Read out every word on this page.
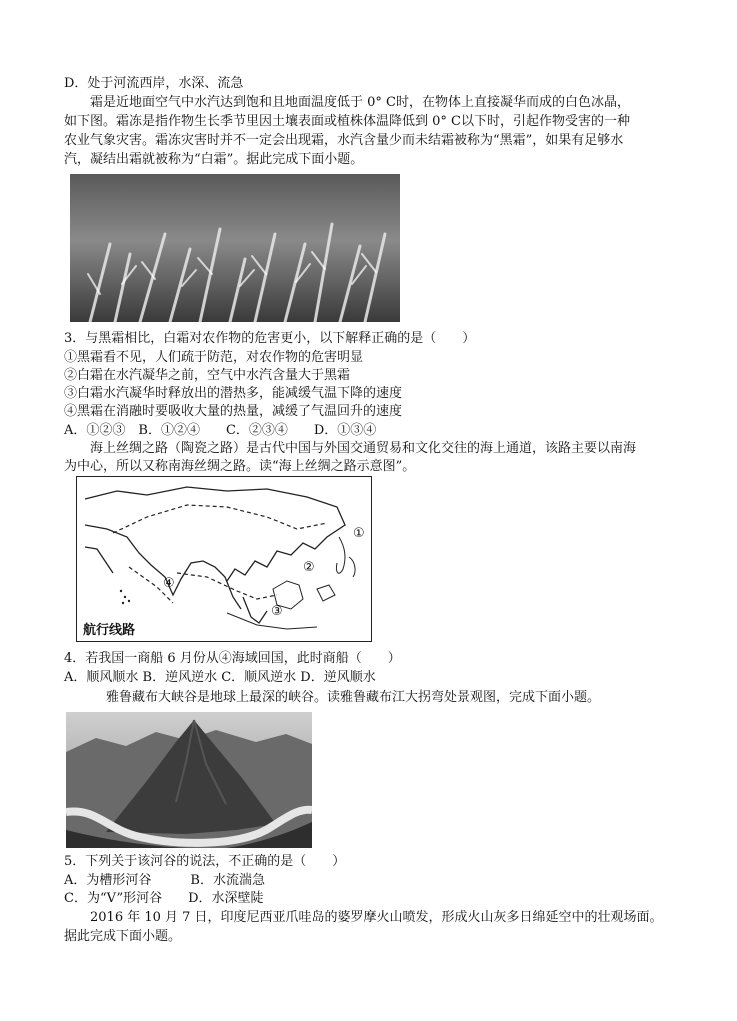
D．处于河流西岸，水深、流急
霜是近地面空气中水汽达到饱和且地面温度低于 0° C时，在物体上直接凝华而成的白色冰晶，
如下图。霜冻是指作物生长季节里因土壤表面或植株体温降低到 0° C以下时，引起作物受害的一种
农业气象灾害。霜冻灾害时并不一定会出现霜，水汽含量少而未结霜被称为“黑霜”，如果有足够水
汽，凝结出霜就被称为“白霜”。据此完成下面小题。
3．与黑霜相比，白霜对农作物的危害更小，以下解释正确的是（　　）
①黑霜看不见，人们疏于防范，对农作物的危害明显
②白霜在水汽凝华之前，空气中水汽含量大于黑霜
③白霜水汽凝华时释放出的潜热多，能减缓气温下降的速度
④黑霜在消融时要吸收大量的热量，减缓了气温回升的速度
A．①②③　B．①②④　　C．②③④　　D．①③④
海上丝绸之路（陶瓷之路）是古代中国与外国交通贸易和文化交往的海上通道，该路主要以南海
为中心，所以又称南海丝绸之路。读“海上丝绸之路示意图”。
①
②
③
④
航行线路
4．若我国一商船 6 月份从④海域回国，此时商船（　　）
A．顺风顺水 B．逆风逆水 C．顺风逆水 D．逆风顺水
雅鲁藏布大峡谷是地球上最深的峡谷。读雅鲁藏布江大拐弯处景观图，完成下面小题。
5．下列关于该河谷的说法，不正确的是（　　）
A．为槽形河谷　　　B．水流湍急
C．为“V”形河谷　　D．水深壁陡
2016 年 10 月 7 日，印度尼西亚爪哇岛的婆罗摩火山喷发，形成火山灰多日绵延空中的壮观场面。
据此完成下面小题。
